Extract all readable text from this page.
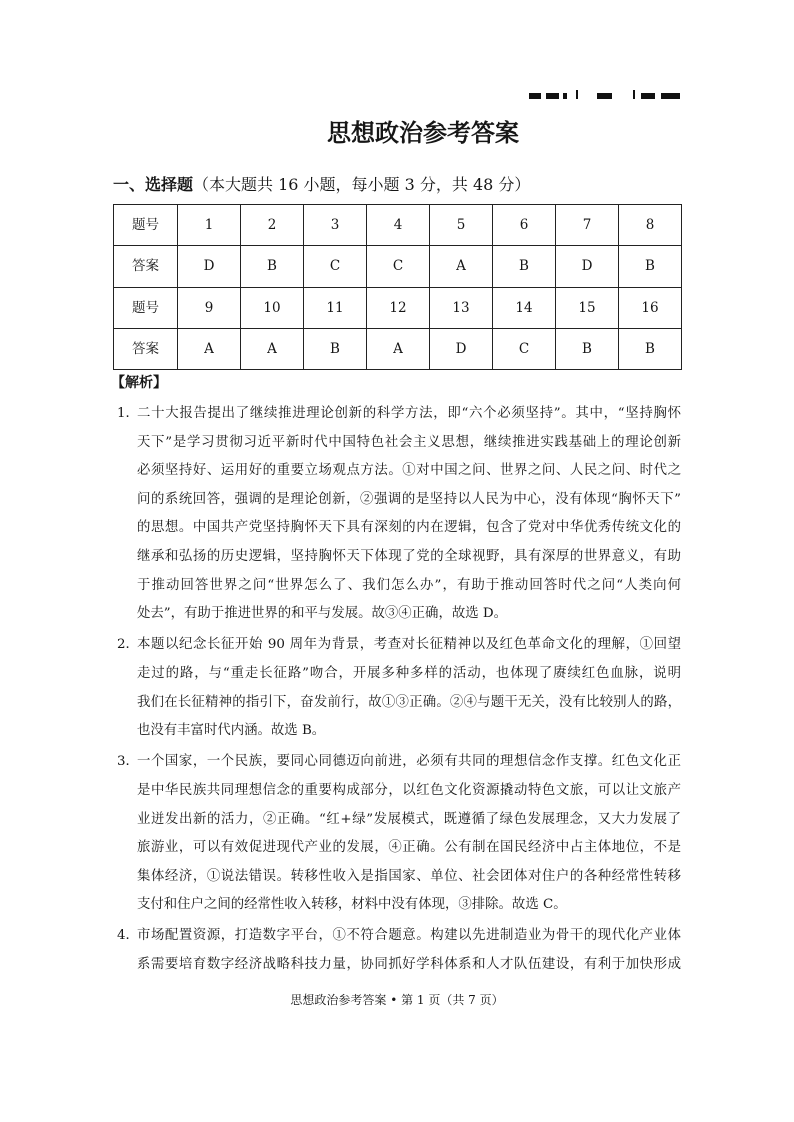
思想政治参考答案
一、选择题（本大题共 16 小题，每小题 3 分，共 48 分）
题号	1	2	3	4	5	6	7	8
答案	D	B	C	C	A	B	D	B
题号	9	10	11	12	13	14	15	16
答案	A	A	B	A	D	C	B	B
【解析】
1．
二十大报告提出了继续推进理论创新的科学方法，即“六个必须坚持”。其中，“坚持胸怀
天下”是学习贯彻习近平新时代中国特色社会主义思想，继续推进实践基础上的理论创新
必须坚持好、运用好的重要立场观点方法。①对中国之问、世界之问、人民之问、时代之
问的系统回答，强调的是理论创新，②强调的是坚持以人民为中心，没有体现“胸怀天下”
的思想。中国共产党坚持胸怀天下具有深刻的内在逻辑，包含了党对中华优秀传统文化的
继承和弘扬的历史逻辑，坚持胸怀天下体现了党的全球视野，具有深厚的世界意义，有助
于推动回答世界之问“世界怎么了、我们怎么办”，有助于推动回答时代之问“人类向何
处去”，有助于推进世界的和平与发展。故③④正确，故选 D。
2．
本题以纪念长征开始 90 周年为背景，考查对长征精神以及红色革命文化的理解，①回望
走过的路，与“重走长征路”吻合，开展多种多样的活动，也体现了赓续红色血脉，说明
我们在长征精神的指引下，奋发前行，故①③正确。②④与题干无关，没有比较别人的路，
也没有丰富时代内涵。故选 B。
3．
一个国家，一个民族，要同心同德迈向前进，必须有共同的理想信念作支撑。红色文化正
是中华民族共同理想信念的重要构成部分，以红色文化资源撬动特色文旅，可以让文旅产
业迸发出新的活力，②正确。“红+绿”发展模式，既遵循了绿色发展理念，又大力发展了
旅游业，可以有效促进现代产业的发展，④正确。公有制在国民经济中占主体地位，不是
集体经济，①说法错误。转移性收入是指国家、单位、社会团体对住户的各种经常性转移
支付和住户之间的经常性收入转移，材料中没有体现，③排除。故选 C。
4．
市场配置资源，打造数字平台，①不符合题意。构建以先进制造业为骨干的现代化产业体
系需要培育数字经济战略科技力量，协同抓好学科体系和人才队伍建设，有利于加快形成
思想政治参考答案 • 第 1 页（共 7 页）
